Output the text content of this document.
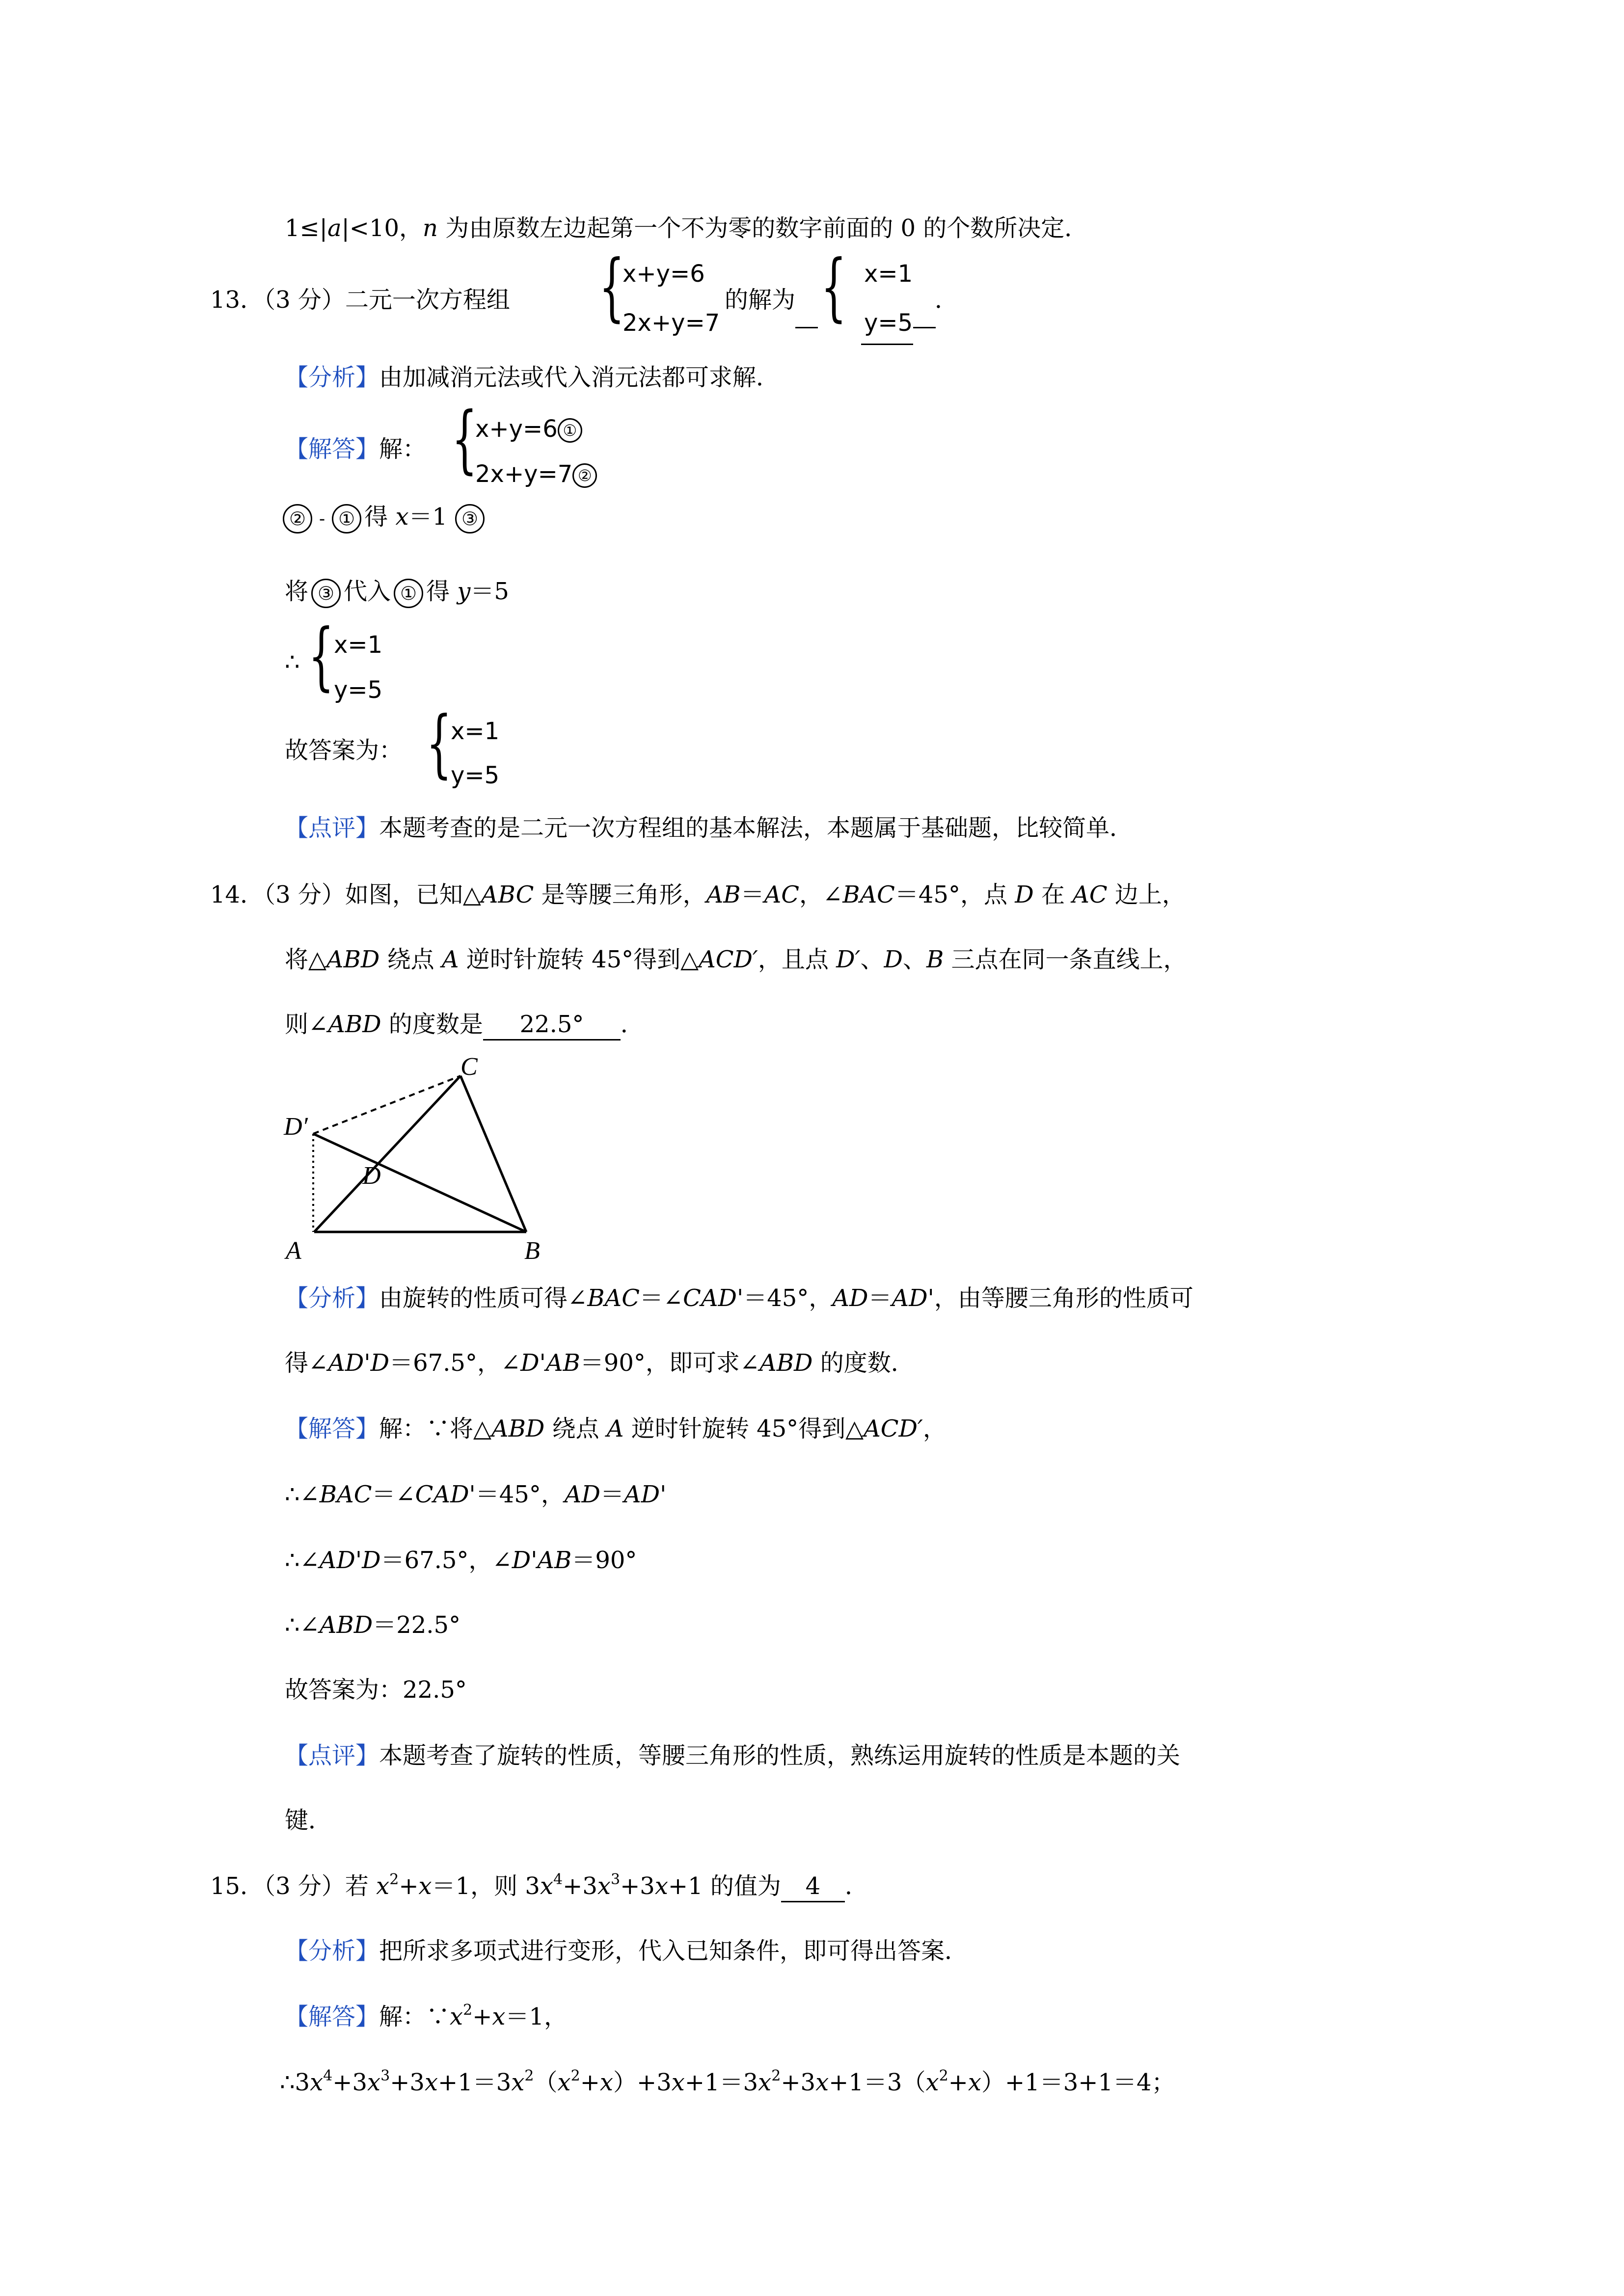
1≤|a|<10，n 为由原数左边起第一个不为零的数字前面的 0 的个数所决定．
13．（3 分）二元一次方程组 {
x+y=6
2x+y=7
的解为 { x=1
y=5
．
【分析】由加减消元法或代入消元法都可求解．
【解答】解： {
x+y=6 ①
2x+y=7 ②
② - ① 得 x＝1 ③
将 ③ 代入 ① 得 y＝5
∴ { x=1
y=5
故答案为： {
x=1
y=5
【点评】本题考查的是二元一次方程组的基本解法，本题属于基础题，比较简单．
14．（3 分）如图，已知△ABC 是等腰三角形，AB＝AC，∠BAC＝45°，点 D 在 AC 边上，
将△ABD 绕点 A 逆时针旋转 45°得到△ACD′，且点 D′、D、B 三点在同一条直线上，
则∠ABD 的度数是 22.5° ．
C
D′
D
A	B
【分析】由旋转的性质可得∠BAC＝∠CAD'＝45°，AD＝AD'，由等腰三角形的性质可
得∠AD'D＝67.5°，∠D'AB＝90°，即可求∠ABD 的度数．
【解答】解：∵将△ABD 绕点 A 逆时针旋转 45°得到△ACD′，
∴∠BAC＝∠CAD'＝45°，AD＝AD'
∴∠AD'D＝67.5°，∠D'AB＝90°
∴∠ABD＝22.5°
故答案为：22.5°
【点评】本题考查了旋转的性质，等腰三角形的性质，熟练运用旋转的性质是本题的关
键．
15．（3 分）若 $x^2+x=1$，则 $3x^4+3x^3+3x+1$ 的值为 4 ．
【分析】把所求多项式进行变形，代入已知条件，即可得出答案．
【解答】解：$\because x^2+x=1$，
$\therefore 3x^4+3x^3+3x+1=3x^2(x^2+x)+3x+1=3x^2+3x+1=3(x^2+x)+1=3+1=4$；
